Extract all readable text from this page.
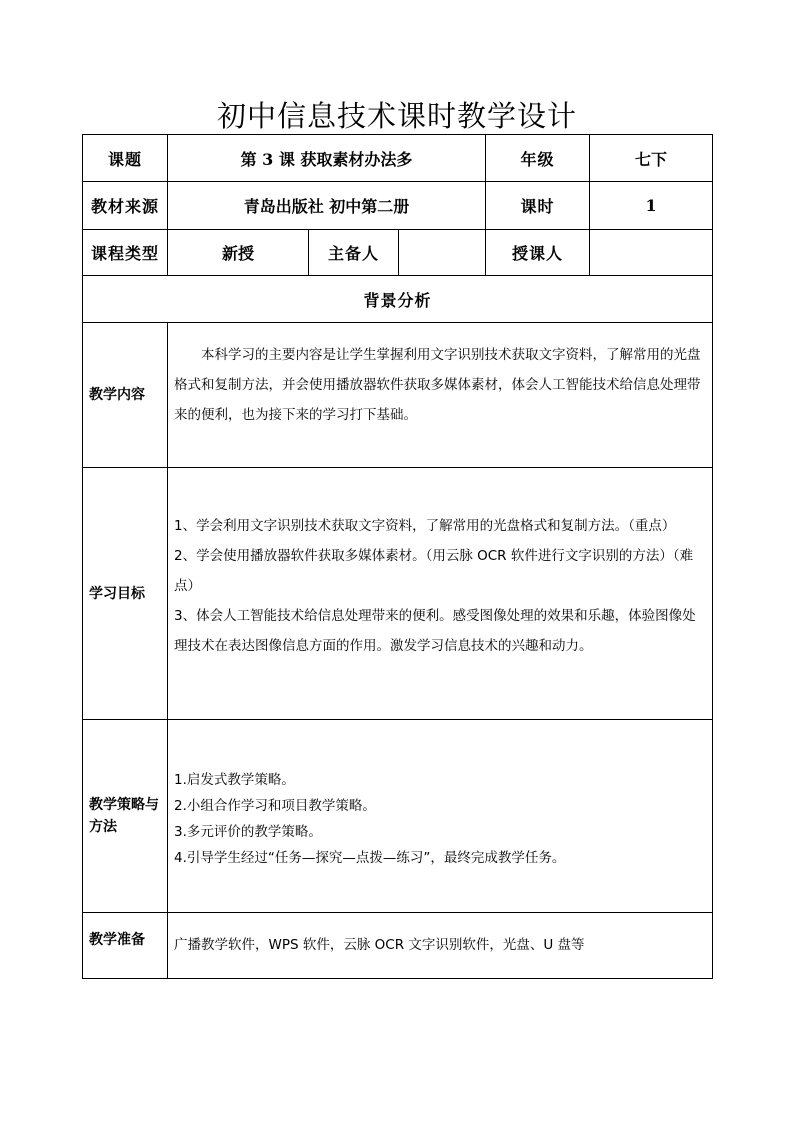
初中信息技术课时教学设计
课题	第 3 课 获取素材办法多			年级	七下
教材来源	青岛出版社 初中第二册			课时	1
课程类型	新授	主备人		授课人	
背景分析					
教学内容	本科学习的主要内容是让学生掌握利用文字识别技术获取文字资料，了解常用的光盘格式和复制方法，并会使用播放器软件获取多媒体素材，体会人工智能技术给信息处理带来的便利，也为接下来的学习打下基础。				

学习目标	1、学会利用文字识别技术获取文字资料，了解常用的光盘格式和复制方法。（重点）

2、学会使用播放器软件获取多媒体素材。（用云脉 OCR 软件进行文字识别的方法）（难点）

3、体会人工智能技术给信息处理带来的便利。感受图像处理的效果和乐趣，体验图像处理技术在表达图像信息方面的作用。激发学习信息技术的兴趣和动力。				

教学策略与方法	1.启发式教学策略。

2.小组合作学习和项目教学策略。

3.多元评价的教学策略。

4.引导学生经过“任务—探究—点拨—练习”，最终完成教学任务。				

教学准备	广播教学软件，WPS 软件，云脉 OCR 文字识别软件，光盘、U 盘等				
